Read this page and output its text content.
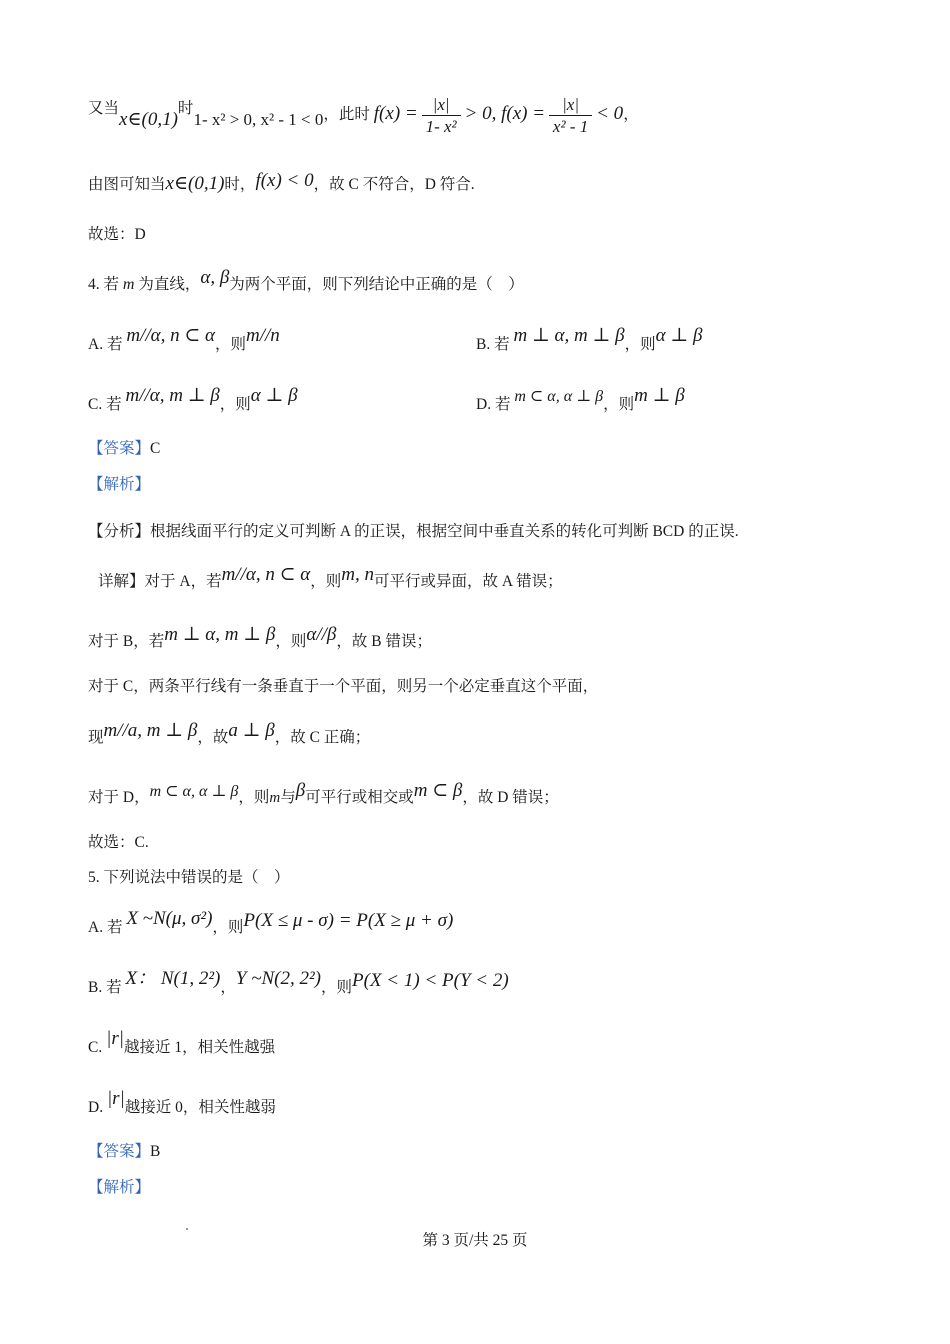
又当x∈(0,1)时1- x² > 0, x² - 1 < 0，此时 $f(x) = \frac{|x|}{\text{1- x²}} > 0$, $f(x) = \frac{|x|}{\text{x² - 1}} < 0$，
由图可知当x∈(0,1)时，f(x) < 0，故 C 不符合，D 符合.
故选：D
4. 若 m 为直线，α, β为两个平面，则下列结论中正确的是（　）
A. 若 m//α, n ⊂ α，则m//n	B. 若 m ⊥ α, m ⊥ β，则α ⊥ β
C. 若 m//α, m ⊥ β，则α ⊥ β	D. 若 m ⊂ α, α ⊥ β，则m ⊥ β
【答案】C
【解析】
【分析】根据线面平行的定义可判断 A 的正误，根据空间中垂直关系的转化可判断 BCD 的正误.
详解】对于 A，若m//α, n ⊂ α，则m, n可平行或异面，故 A 错误；
对于 B，若m ⊥ α, m ⊥ β，则α//β，故 B 错误；
对于 C，两条平行线有一条垂直于一个平面，则另一个必定垂直这个平面，
现m//a, m ⊥ β，故a ⊥ β，故 C 正确；
对于 D，m ⊂ α, α ⊥ β，则m与β可平行或相交或m ⊂ β，故 D 错误；
故选：C.
5. 下列说法中错误的是（　）
A. 若 X ~N(μ, σ²)，则P(X ≤ μ - σ) = P(X ≥ μ + σ)
B. 若 X： N(1, 2²)，Y ~N(2, 2²)，则P(X < 1) < P(Y < 2)
C. |r|越接近 1，相关性越强
D. |r|越接近 0，相关性越弱
【答案】B
【解析】
第 3 页/共 25 页
